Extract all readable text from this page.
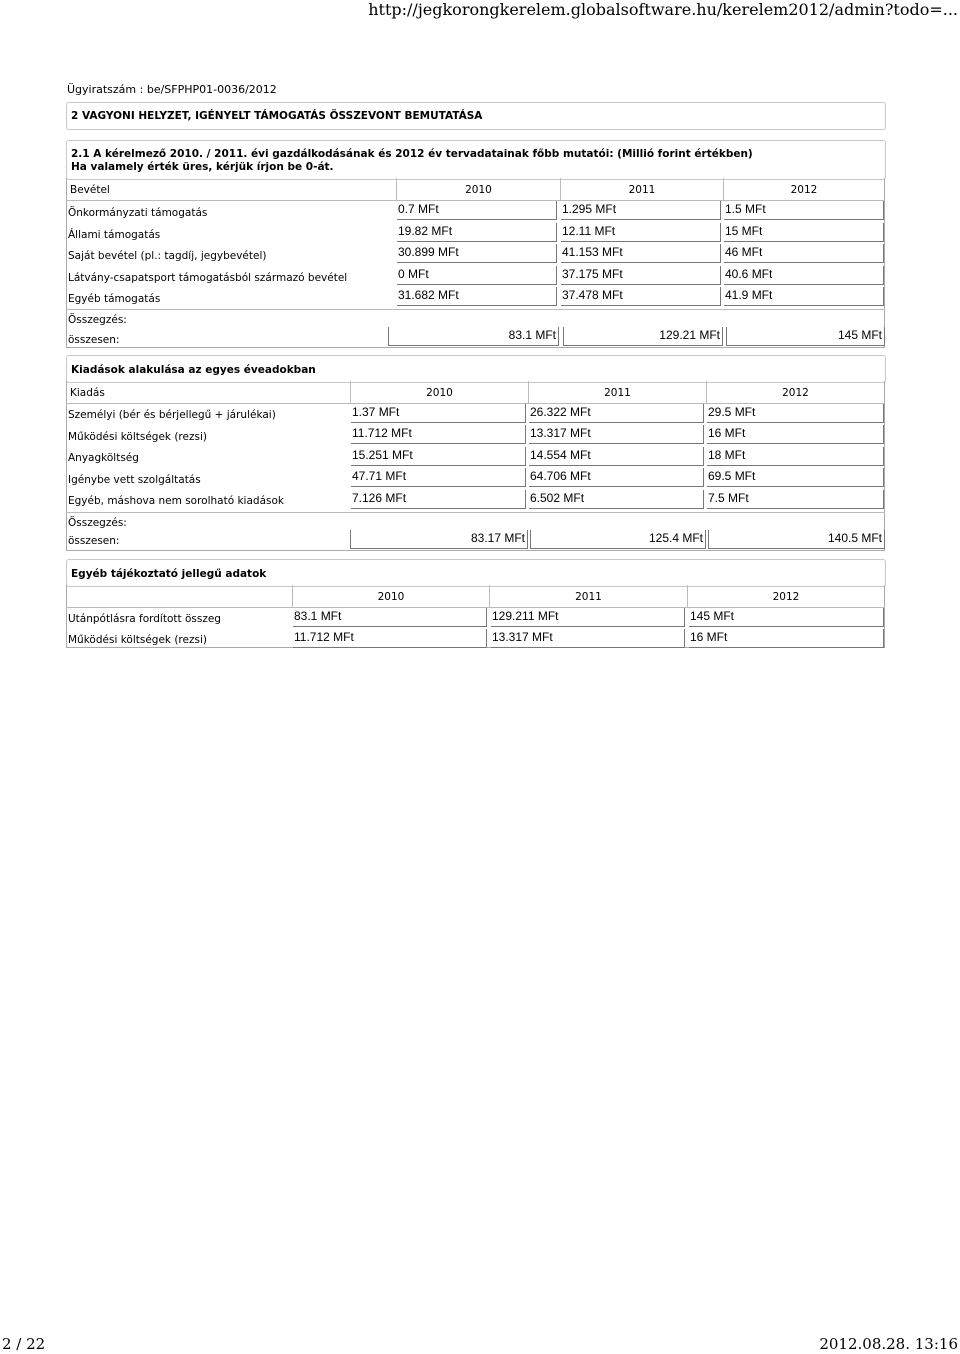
http://jegkorongkerelem.globalsoftware.hu/kerelem2012/admin?todo=...
Ügyiratszám : be/SFPHP01-0036/2012
2 VAGYONI HELYZET, IGÉNYELT TÁMOGATÁS ÖSSZEVONT BEMUTATÁSA
2.1 A kérelmező 2010. / 2011. évi gazdálkodásának és 2012 év tervadatainak főbb mutatói: (Millió forint értékben)
Ha valamely érték üres, kérjük írjon be 0-át.
Bevétel	2010	2011	2012
Önkormányzati támogatás	0.7 MFt	1.295 MFt	1.5 MFt
Állami támogatás	19.82 MFt	12.11 MFt	15 MFt
Saját bevétel (pl.: tagdíj, jegybevétel)	30.899 MFt	41.153 MFt	46 MFt
Látvány-csapatsport támogatásból származó bevétel	0 MFt	37.175 MFt	40.6 MFt
Egyéb támogatás	31.682 MFt	37.478 MFt	41.9 MFt
Összegzés:
összesen:	83.1 MFt	129.21 MFt	145 MFt
Kiadások alakulása az egyes éveadokban
Kiadás	2010	2011	2012
Személyi (bér és bérjellegű + járulékai)	1.37 MFt	26.322 MFt	29.5 MFt
Működési költségek (rezsi)	11.712 MFt	13.317 MFt	16 MFt
Anyagköltség	15.251 MFt	14.554 MFt	18 MFt
Igénybe vett szolgáltatás	47.71 MFt	64.706 MFt	69.5 MFt
Egyéb, máshova nem sorolható kiadások	7.126 MFt	6.502 MFt	7.5 MFt
Összegzés:
összesen:	83.17 MFt	125.4 MFt	140.5 MFt
Egyéb tájékoztató jellegű adatok
2010	2011	2012
Utánpótlásra fordított összeg	83.1 MFt	129.211 MFt	145 MFt
Működési költségek (rezsi)	11.712 MFt	13.317 MFt	16 MFt
2 / 22	2012.08.28. 13:16
